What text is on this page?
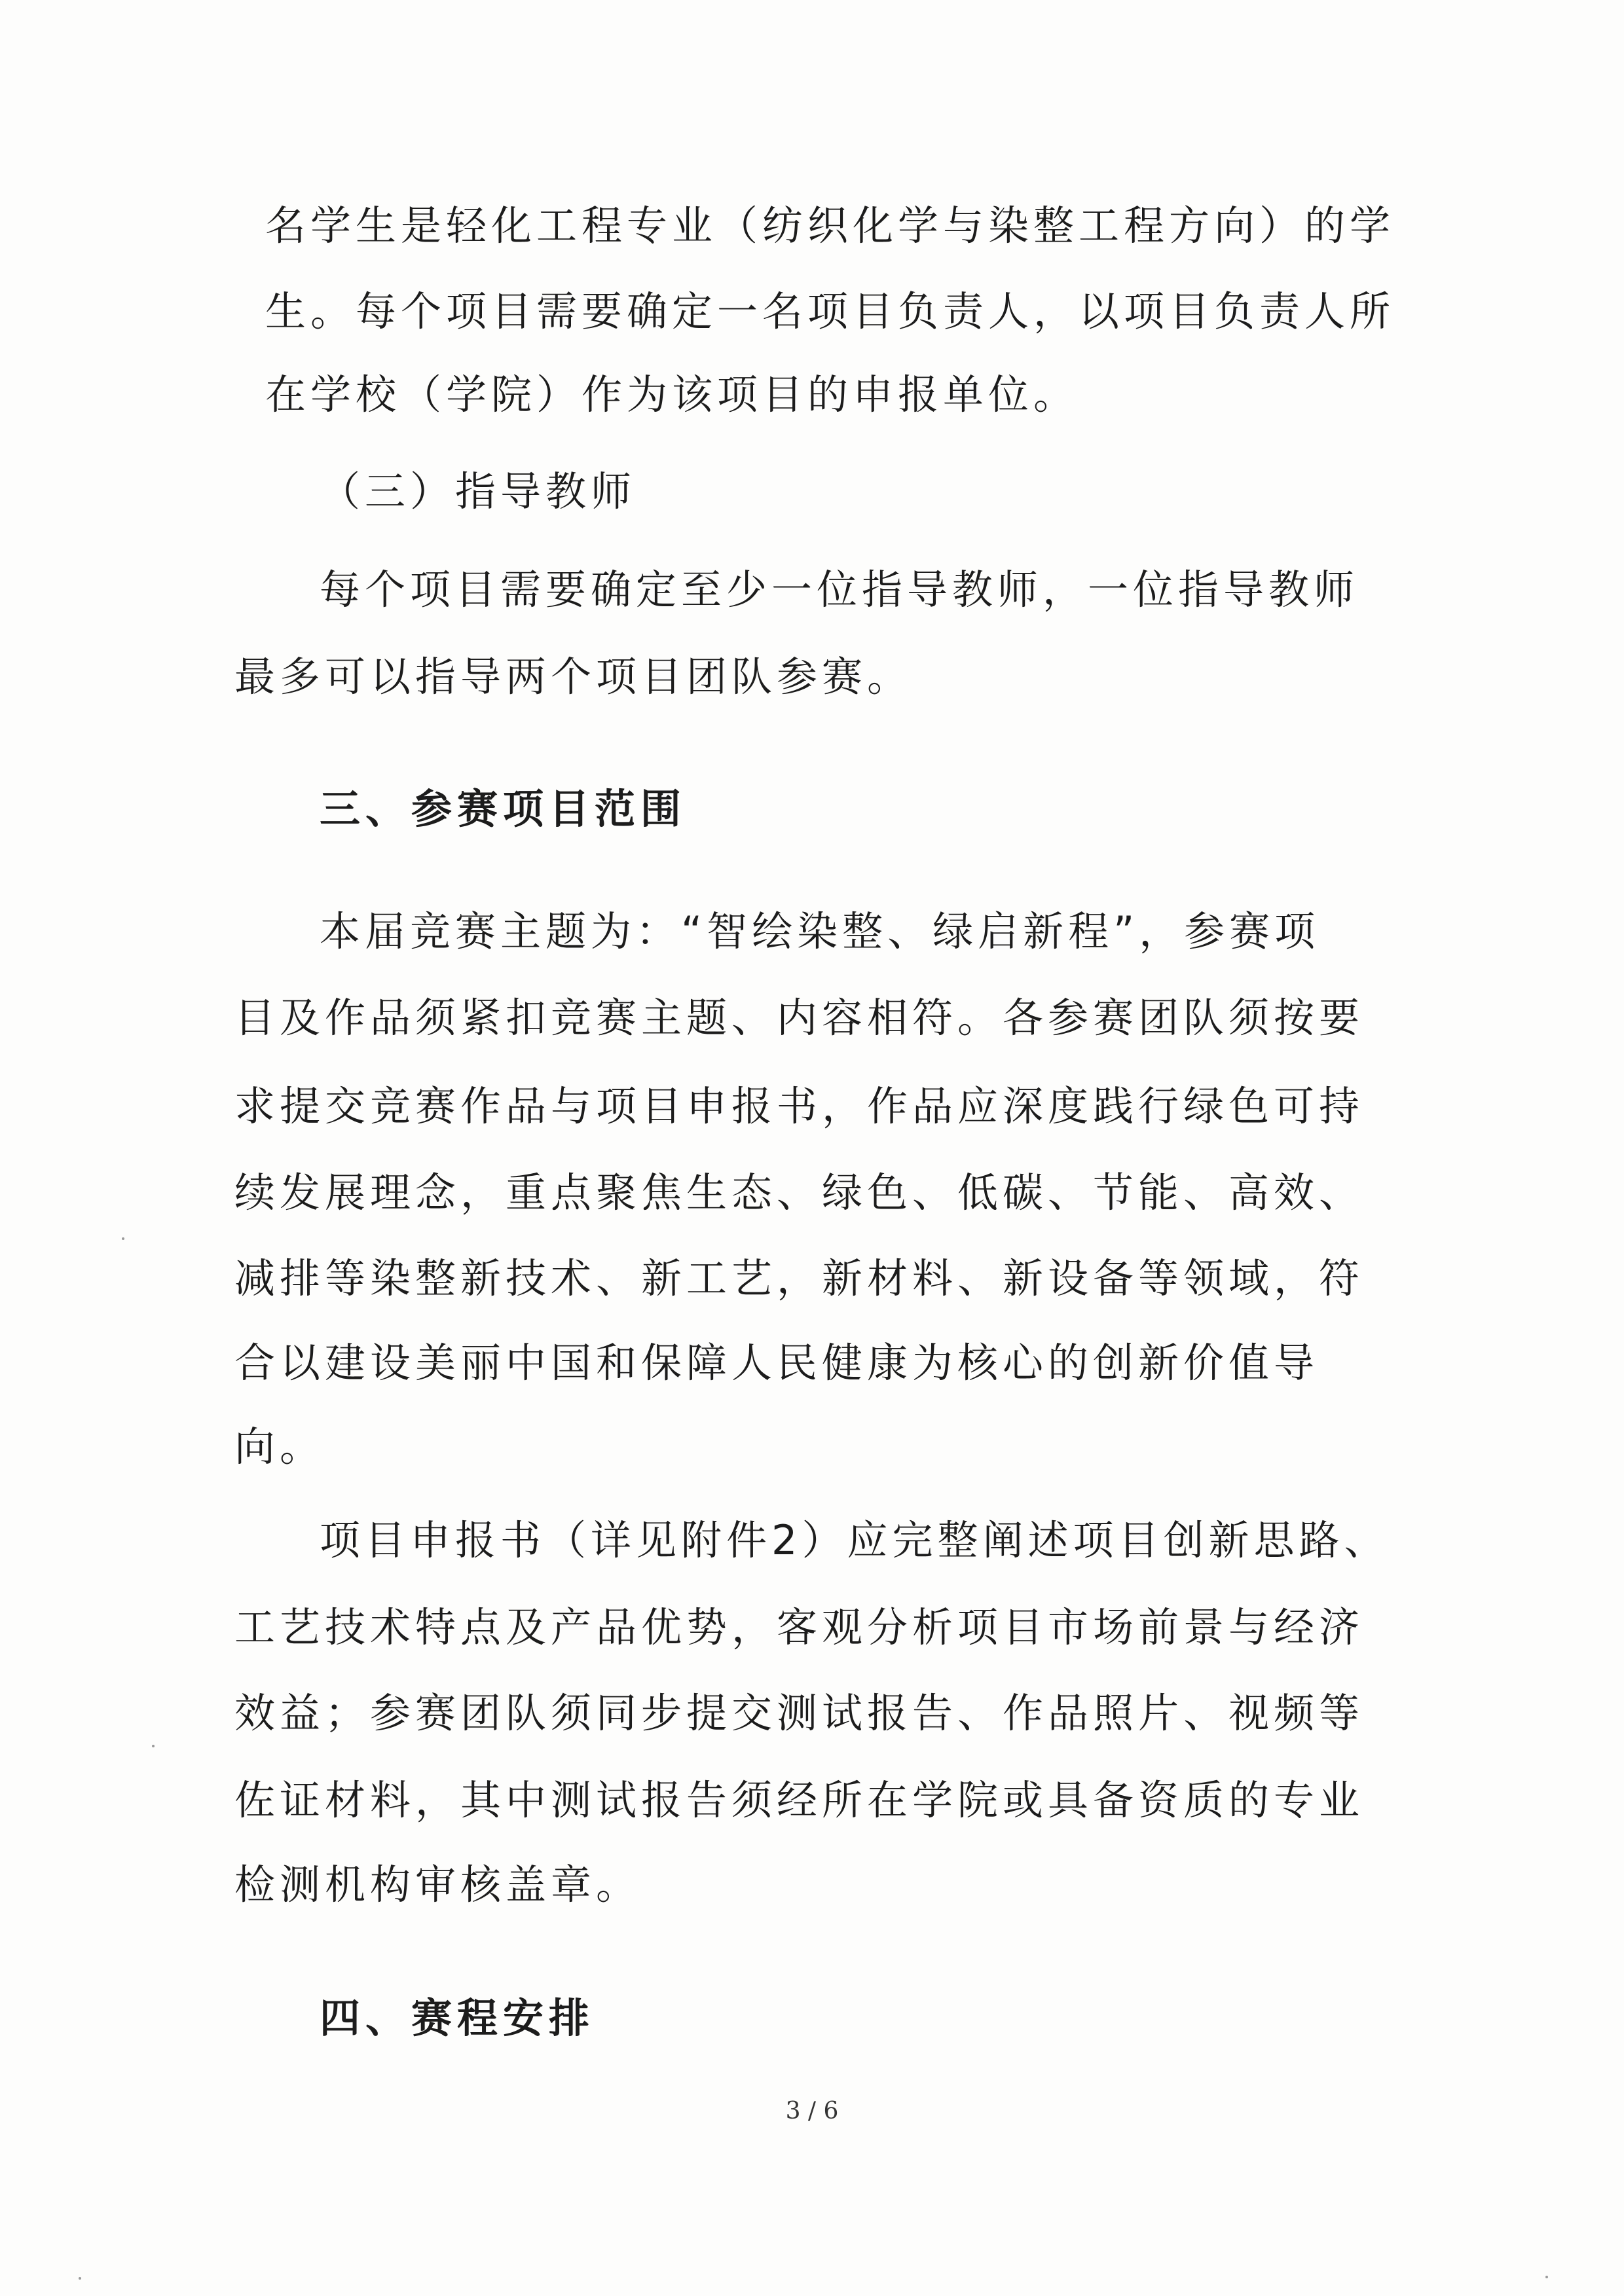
名学生是轻化工程专业（纺织化学与染整工程方向）的学
生。每个项目需要确定一名项目负责人，以项目负责人所
在学校（学院）作为该项目的申报单位。
（三）指导教师
每个项目需要确定至少一位指导教师，一位指导教师
最多可以指导两个项目团队参赛。
三、参赛项目范围
本届竞赛主题为：“智绘染整、绿启新程”，参赛项
目及作品须紧扣竞赛主题、内容相符。各参赛团队须按要
求提交竞赛作品与项目申报书，作品应深度践行绿色可持
续发展理念，重点聚焦生态、绿色、低碳、节能、高效、
减排等染整新技术、新工艺，新材料、新设备等领域，符
合以建设美丽中国和保障人民健康为核心的创新价值导
向。
项目申报书（详见附件2）应完整阐述项目创新思路、
工艺技术特点及产品优势，客观分析项目市场前景与经济
效益；参赛团队须同步提交测试报告、作品照片、视频等
佐证材料，其中测试报告须经所在学院或具备资质的专业
检测机构审核盖章。
四、赛程安排
3 / 6
